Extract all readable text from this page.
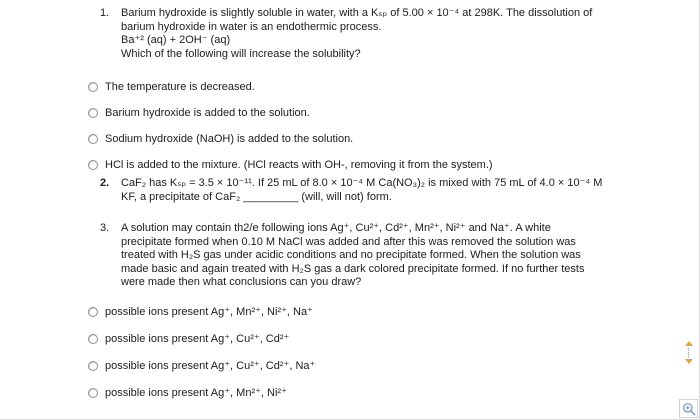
1.	Barium hydroxide is slightly soluble in water, with a Kₛₚ of 5.00 × 10⁻⁴ at 298K. The dissolution of
barium hydroxide in water is an endothermic process.
Ba⁺² (aq) + 2OH⁻ (aq)
Which of the following will increase the solubility?
The temperature is decreased.
Barium hydroxide is added to the solution.
Sodium hydroxide (NaOH) is added to the solution.
HCl is added to the mixture. (HCl reacts with OH-, removing it from the system.)
2.	CaF₂ has Kₛₚ = 3.5 × 10⁻¹¹. If 25 mL of 8.0 × 10⁻⁴ M Ca(NO₃)₂ is mixed with 75 mL of 4.0 × 10⁻⁴ M
KF, a precipitate of CaF₂ _________ (will, will not) form.
3.	A solution may contain th2/e following ions Ag⁺, Cu²⁺, Cd²⁺, Mn²⁺, Ni²⁺ and Na⁺. A white
precipitate formed when 0.10 M NaCl was added and after this was removed the solution was
treated with H₂S gas under acidic conditions and no precipitate formed. When the solution was
made basic and again treated with H₂S gas a dark colored precipitate formed. If no further tests
were made then what conclusions can you draw?
possible ions present Ag⁺, Mn²⁺, Ni²⁺, Na⁺
possible ions present Ag⁺, Cu²⁺, Cd²⁺
possible ions present Ag⁺, Cu²⁺, Cd²⁺, Na⁺
possible ions present Ag⁺, Mn²⁺, Ni²⁺
